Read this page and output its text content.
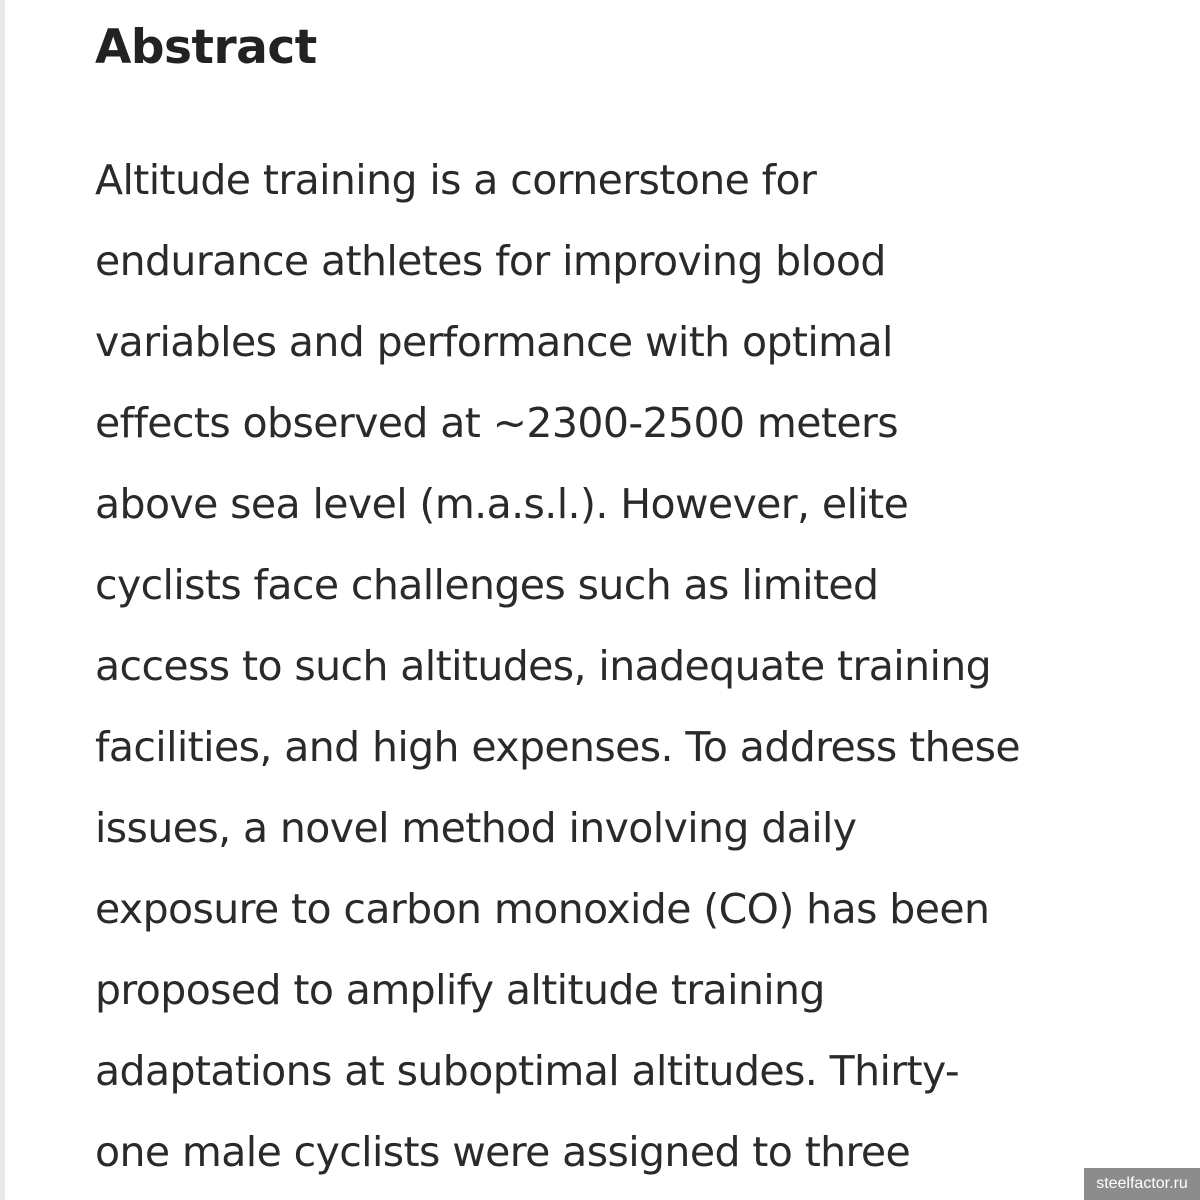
Abstract
Altitude training is a cornerstone for
endurance athletes for improving blood
variables and performance with optimal
effects observed at ∼2300-2500 meters
above sea level (m.a.s.l.). However, elite
cyclists face challenges such as limited
access to such altitudes, inadequate training
facilities, and high expenses. To address these
issues, a novel method involving daily
exposure to carbon monoxide (CO) has been
proposed to amplify altitude training
adaptations at suboptimal altitudes. Thirty-
one male cyclists were assigned to three
steelfactor.ru
